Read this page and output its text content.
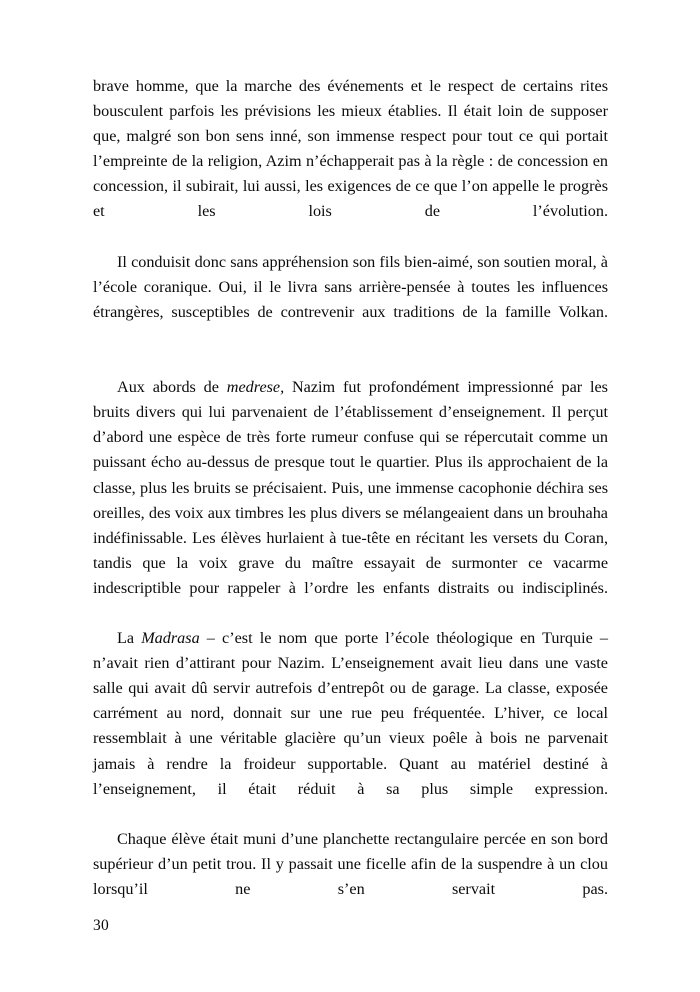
brave homme, que la marche des événements et le respect de certains rites bousculent parfois les prévisions les mieux établies. Il était loin de supposer que, malgré son bon sens inné, son immense respect pour tout ce qui portait l’empreinte de la religion, Azim n’échapperait pas à la règle : de concession en concession, il subirait, lui aussi, les exigences de ce que l’on appelle le progrès et les lois de l’évolution.

Il conduisit donc sans appréhension son fils bien-aimé, son soutien moral, à l’école coranique. Oui, il le livra sans arrière-pensée à toutes les influences étrangères, susceptibles de contrevenir aux traditions de la famille Volkan.

Aux abords de medrese, Nazim fut profondément impressionné par les bruits divers qui lui parvenaient de l’établissement d’enseignement. Il perçut d’abord une espèce de très forte rumeur confuse qui se répercutait comme un puissant écho au-dessus de presque tout le quartier. Plus ils approchaient de la classe, plus les bruits se précisaient. Puis, une immense cacophonie déchira ses oreilles, des voix aux timbres les plus divers se mélangeaient dans un brouhaha indéfinissable. Les élèves hurlaient à tue-tête en récitant les versets du Coran, tandis que la voix grave du maître essayait de surmonter ce vacarme indescriptible pour rappeler à l’ordre les enfants distraits ou indisciplinés.

La Madrasa – c’est le nom que porte l’école théologique en Turquie – n’avait rien d’attirant pour Nazim. L’enseignement avait lieu dans une vaste salle qui avait dû servir autrefois d’entrepôt ou de garage. La classe, exposée carrément au nord, donnait sur une rue peu fréquentée. L’hiver, ce local ressemblait à une véritable glacière qu’un vieux poêle à bois ne parvenait jamais à rendre la froideur supportable. Quant au matériel destiné à l’enseignement, il était réduit à sa plus simple expression.

Chaque élève était muni d’une planchette rectangulaire percée en son bord supérieur d’un petit trou. Il y passait une ficelle afin de la suspendre à un clou lorsqu’il ne s’en servait pas.

30
